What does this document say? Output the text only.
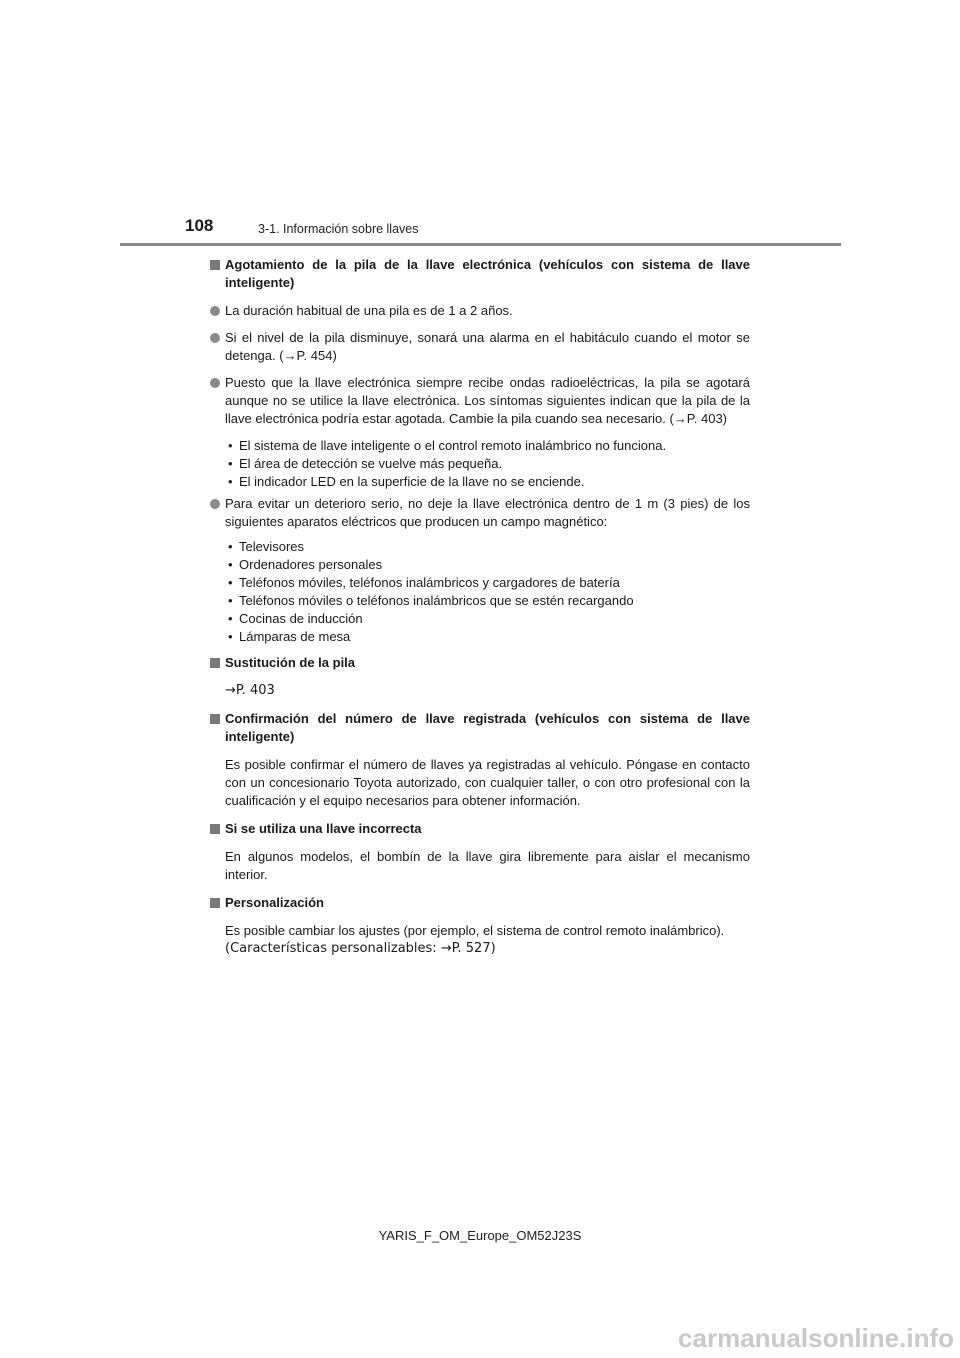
108	3-1. Información sobre llaves
Agotamiento de la pila de la llave electrónica (vehículos con sistema de llave inteligente)
La duración habitual de una pila es de 1 a 2 años.
Si el nivel de la pila disminuye, sonará una alarma en el habitáculo cuando el motor se detenga. (→P. 454)
Puesto que la llave electrónica siempre recibe ondas radioeléctricas, la pila se agotará aunque no se utilice la llave electrónica. Los síntomas siguientes indican que la pila de la llave electrónica podría estar agotada. Cambie la pila cuando sea necesario. (→P. 403)
• El sistema de llave inteligente o el control remoto inalámbrico no funciona.
• El área de detección se vuelve más pequeña.
• El indicador LED en la superficie de la llave no se enciende.
Para evitar un deterioro serio, no deje la llave electrónica dentro de 1 m (3 pies) de los siguientes aparatos eléctricos que producen un campo magnético:
• Televisores
• Ordenadores personales
• Teléfonos móviles, teléfonos inalámbricos y cargadores de batería
• Teléfonos móviles o teléfonos inalámbricos que se estén recargando
• Cocinas de inducción
• Lámparas de mesa
Sustitución de la pila
→P. 403
Confirmación del número de llave registrada (vehículos con sistema de llave inteligente)
Es posible confirmar el número de llaves ya registradas al vehículo. Póngase en contacto con un concesionario Toyota autorizado, con cualquier taller, o con otro profesional con la cualificación y el equipo necesarios para obtener información.
Si se utiliza una llave incorrecta
En algunos modelos, el bombín de la llave gira libremente para aislar el mecanismo interior.
Personalización
Es posible cambiar los ajustes (por ejemplo, el sistema de control remoto inalámbrico).
(Características personalizables: →P. 527)
YARIS_F_OM_Europe_OM52J23S
carmanualsonline.info
